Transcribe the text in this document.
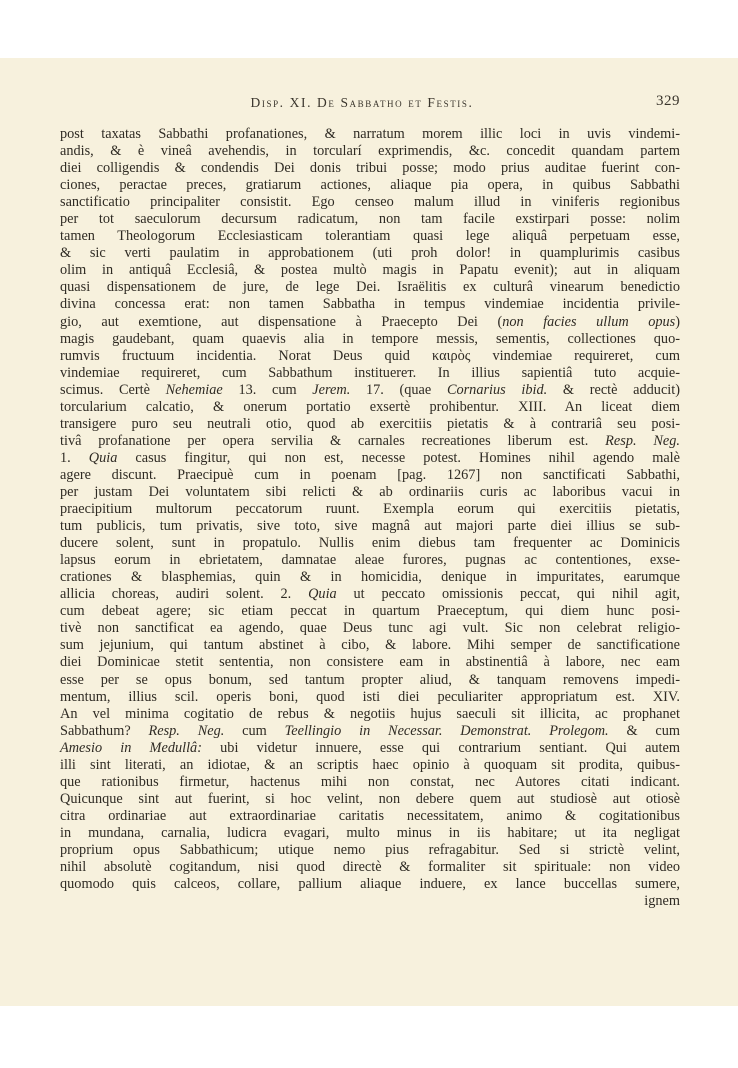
Disp. XI. De Sabbatho et Festis.	329
post taxatas Sabbathi profanationes, & narratum morem illic loci in uvis vindemi-
andis, & è vineâ avehendis, in torcularí exprimendis, &c. concedit quandam partem
diei colligendis & condendis Dei donis tribui posse; modo prius auditae fuerint con-
ciones, peractae preces, gratiarum actiones, aliaque pia opera, in quibus Sabbathi
sanctificatio principaliter consistit. Ego censeo malum illud in viniferis regionibus
per tot saeculorum decursum radicatum, non tam facile exstirpari posse: nolim
tamen Theologorum Ecclesiasticam tolerantiam quasi lege aliquâ perpetuam esse,
& sic verti paulatim in approbationem (uti proh dolor! in quamplurimis casibus
olim in antiquâ Ecclesiâ, & postea multò magis in Papatu evenit); aut in aliquam
quasi dispensationem de jure, de lege Dei. Israëlitis ex culturâ vinearum benedictio
divina concessa erat: non tamen Sabbatha in tempus vindemiae incidentia privile-
gio, aut exemtione, aut dispensatione à Praecepto Dei (non facies ullum opus)
magis gaudebant, quam quaevis alia in tempore messis, sementis, collectiones quo-
rumvis fructuum incidentia. Norat Deus quid καιρὸς vindemiae requireret, cum
vindemiae requireret, cum Sabbathum instituerет. In illius sapientiâ tuto acquie-
scimus. Certè Nehemiae 13. cum Jerem. 17. (quae Cornarius ibid. & rectè adducit)
torcularium calcatio, & onerum portatio exsertè prohibentur. XIII. An liceat diem
transigere puro seu neutrali otio, quod ab exercitiis pietatis & à contrariâ seu posi-
tivâ profanatione per opera servilia & carnales recreationes liberum est. Resp. Neg.
1. Quia casus fingitur, qui non est, necesse potest. Homines nihil agendo malè
agere discunt. Praecipuè cum in poenam [pag. 1267] non sanctificati Sabbathi,
per justam Dei voluntatem sibi relicti & ab ordinariis curis ac laboribus vacui in
praecipitium multorum peccatorum ruunt. Exempla eorum qui exercitiis pietatis,
tum publicis, tum privatis, sive toto, sive magnâ aut majori parte diei illius se sub-
ducere solent, sunt in propatulo. Nullis enim diebus tam frequenter ac Dominicis
lapsus eorum in ebrietatem, damnatae aleae furores, pugnas ac contentiones, exse-
crationes & blasphemias, quin & in homicidia, denique in impuritates, earumque
allicia choreas, audiri solent. 2. Quia ut peccato omissionis peccat, qui nihil agit,
cum debeat agere; sic etiam peccat in quartum Praeceptum, qui diem hunc posi-
tivè non sanctificat ea agendo, quae Deus tunc agi vult. Sic non celebrat religio-
sum jejunium, qui tantum abstinet à cibo, & labore. Mihi semper de sanctificatione
diei Dominicae stetit sententia, non consistere eam in abstinentiâ à labore, nec eam
esse per se opus bonum, sed tantum propter aliud, & tanquam removens impedi-
mentum, illius scil. operis boni, quod isti diei peculiariter appropriatum est. XIV.
An vel minima cogitatio de rebus & negotiis hujus saeculi sit illicita, ac prophanet
Sabbathum? Resp. Neg. cum Teellingio in Necessar. Demonstrat. Prolegom. & cum
Amesio in Medullâ: ubi videtur innuere, esse qui contrarium sentiant. Qui autem
illi sint literati, an idiotae, & an scriptis haec opinio à quoquam sit prodita, quibus-
que rationibus firmetur, hactenus mihi non constat, nec Autores citati indicant.
Quicunque sint aut fuerint, si hoc velint, non debere quem aut studiosè aut otiosè
citra ordinariae aut extraordinariae caritatis necessitatem, animo & cogitationibus
in mundana, carnalia, ludicra evagari, multo minus in iis habitare; ut ita negligat
proprium opus Sabbathicum; utique nemo pius refragabitur. Sed si strictè velint,
nihil absolutè cogitandum, nisi quod directè & formaliter sit spirituale: non video
quomodo quis calceos, collare, pallium aliaque induere, ex lance buccellas sumere,
ignem
